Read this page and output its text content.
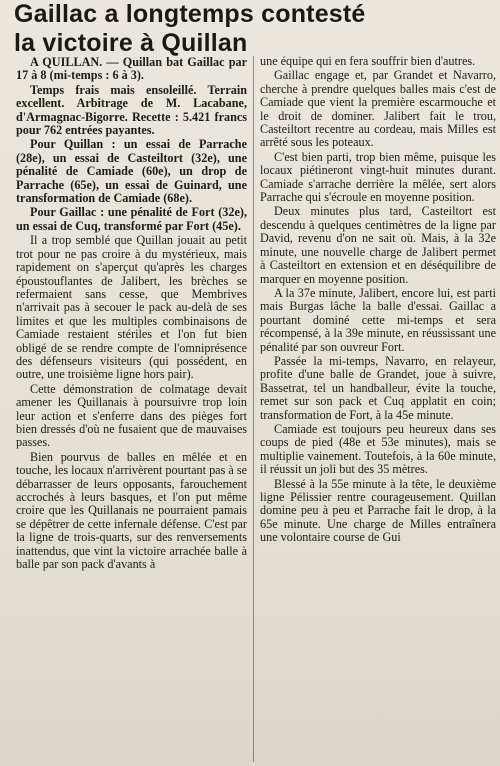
Gaillac a longtemps contesté
la victoire à Quillan

A QUILLAN. — Quillan bat Gaillac par 17 à 8 (mi-temps : 6 à 3).

Temps frais mais ensoleillé. Terrain excellent. Arbitrage de M. Lacabane, d'Armagnac-Bigorre. Recette : 5.421 francs pour 762 entrées payantes.

Pour Quillan : un essai de Parrache (28e), un essai de Casteiltort (32e), une pénalité de Camiade (60e), un drop de Parrache (65e), un essai de Guinard, une transformation de Camiade (68e).

Pour Gaillac : une pénalité de Fort (32e), un essai de Cuq, transformé par Fort (45e).

Il a trop semblé que Quillan jouait au petit trot pour ne pas croire à du mystérieux, mais rapidement on s'aperçut qu'après les charges époustouflantes de Jalibert, les brèches se refermaient sans cesse, que Membrives n'arrivait pas à secouer le pack au-delà de ses limites et que les multiples combinaisons de Camiade restaient stériles et l'on fut bien obligé de se rendre compte de l'omniprésence des défenseurs visiteurs (qui possédent, en outre, une troisième ligne hors pair).

Cette démonstration de colmatage devait amener les Quillanais à poursuivre trop loin leur action et s'enferre dans des pièges fort bien dressés d'où ne fusaient que de mauvaises passes.

Bien pourvus de balles en mêlée et en touche, les locaux n'arrivèrent pourtant pas à se débarrasser de leurs opposants, farouchement accrochés à leurs basques, et l'on put même croire que les Quillanais ne pourraient pamais se dépêtrer de cette infernale défense. C'est par la ligne de trois-quarts, sur des renversements inattendus, que vint la victoire arrachée balle à balle par son pack d'avants à

une équipe qui en fera souffrir bien d'autres.

Gaillac engage et, par Grandet et Navarro, cherche à prendre quelques balles mais c'est de Camiade que vient la première escarmouche et le droit de dominer. Jalibert fait le trou, Casteiltort recentre au cordeau, mais Milles est arrêté sous les poteaux.

C'est bien parti, trop bien même, puisque les locaux piétineront vingt-huit minutes durant. Camiade s'arrache derrière la mêlée, sert alors Parrache qui s'écroule en moyenne position.

Deux minutes plus tard, Casteiltort est descendu à quelques centimètres de la ligne par David, revenu d'on ne sait où. Mais, à la 32e minute, une nouvelle charge de Jalibert permet à Casteiltort en extension et en déséquilibre de marquer en moyenne position.

A la 37e minute, Jalibert, encore lui, est parti mais Burgas lâche la balle d'essai. Gaillac a pourtant dominé cette mi-temps et sera récompensé, à la 39e minute, en réussissant une pénalité par son ouvreur Fort.

Passée la mi-temps, Navarro, en relayeur, profite d'une balle de Grandet, joue à suivre, Bassetrat, tel un handballeur, évite la touche, remet sur son pack et Cuq applatit en coin; transformation de Fort, à la 45e minute.

Camiade est toujours peu heureux dans ses coups de pied (48e et 53e minutes), mais se multiplie vainement. Toutefois, à la 60e minute, il réussit un joli but des 35 mètres.

Blessé à la 55e minute à la tête, le deuxième ligne Pélissier rentre courageusement. Quillan domine peu à peu et Parrache fait le drop, à la 65e minute. Une charge de Milles entraînera une volontaire course de Gui
